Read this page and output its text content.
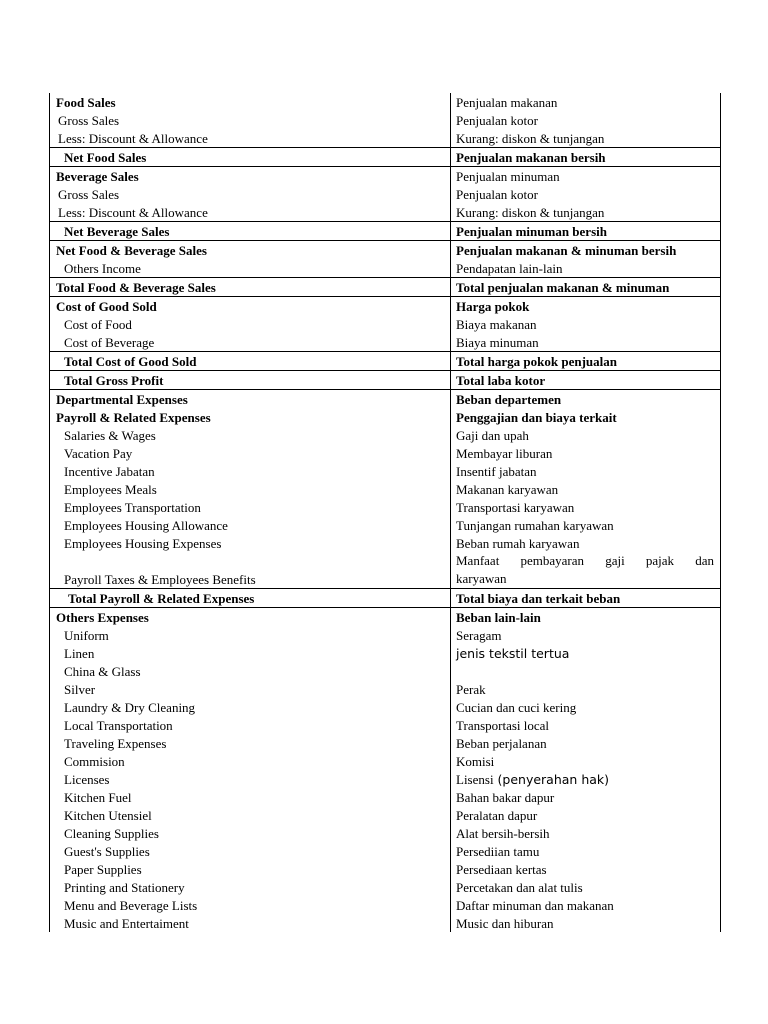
Food Sales	Penjualan makanan
Gross Sales	Penjualan kotor
Less: Discount & Allowance	Kurang: diskon & tunjangan
Net Food Sales	Penjualan makanan bersih
Beverage Sales	Penjualan minuman
Gross Sales	Penjualan kotor
Less: Discount & Allowance	Kurang: diskon & tunjangan
Net Beverage Sales	Penjualan minuman bersih
Net Food & Beverage Sales	Penjualan makanan & minuman bersih
Others Income	Pendapatan lain-lain
Total Food & Beverage Sales	Total penjualan makanan & minuman
Cost of Good Sold	Harga pokok
Cost of Food	Biaya makanan
Cost of Beverage	Biaya minuman
Total Cost of Good Sold	Total harga pokok penjualan
Total Gross Profit	Total laba kotor
Departmental Expenses	Beban departemen
Payroll & Related Expenses	Penggajian dan biaya terkait
Salaries & Wages	Gaji dan upah
Vacation Pay	Membayar liburan
Incentive Jabatan	Insentif jabatan
Employees Meals	Makanan karyawan
Employees Transportation	Transportasi karyawan
Employees Housing Allowance	Tunjangan rumahan karyawan
Employees Housing Expenses	Beban rumah karyawan
Payroll Taxes & Employees Benefits	Manfaat pembayaran gaji pajak dan
karyawan
Total Payroll & Related Expenses	Total biaya dan terkait beban
Others Expenses	Beban lain-lain
Uniform	Seragam
Linen	jenis tekstil tertua
China & Glass	
Silver	Perak
Laundry & Dry Cleaning	Cucian dan cuci kering
Local Transportation	Transportasi local
Traveling Expenses	Beban perjalanan
Commision	Komisi
Licenses	Lisensi (penyerahan hak)
Kitchen Fuel	Bahan bakar dapur
Kitchen Utensiel	Peralatan dapur
Cleaning Supplies	Alat bersih-bersih
Guest's Supplies	Persediian tamu
Paper Supplies	Persediaan kertas
Printing and Stationery	Percetakan dan alat tulis
Menu and Beverage Lists	Daftar minuman dan makanan
Music and Entertaiment	Music dan hiburan
